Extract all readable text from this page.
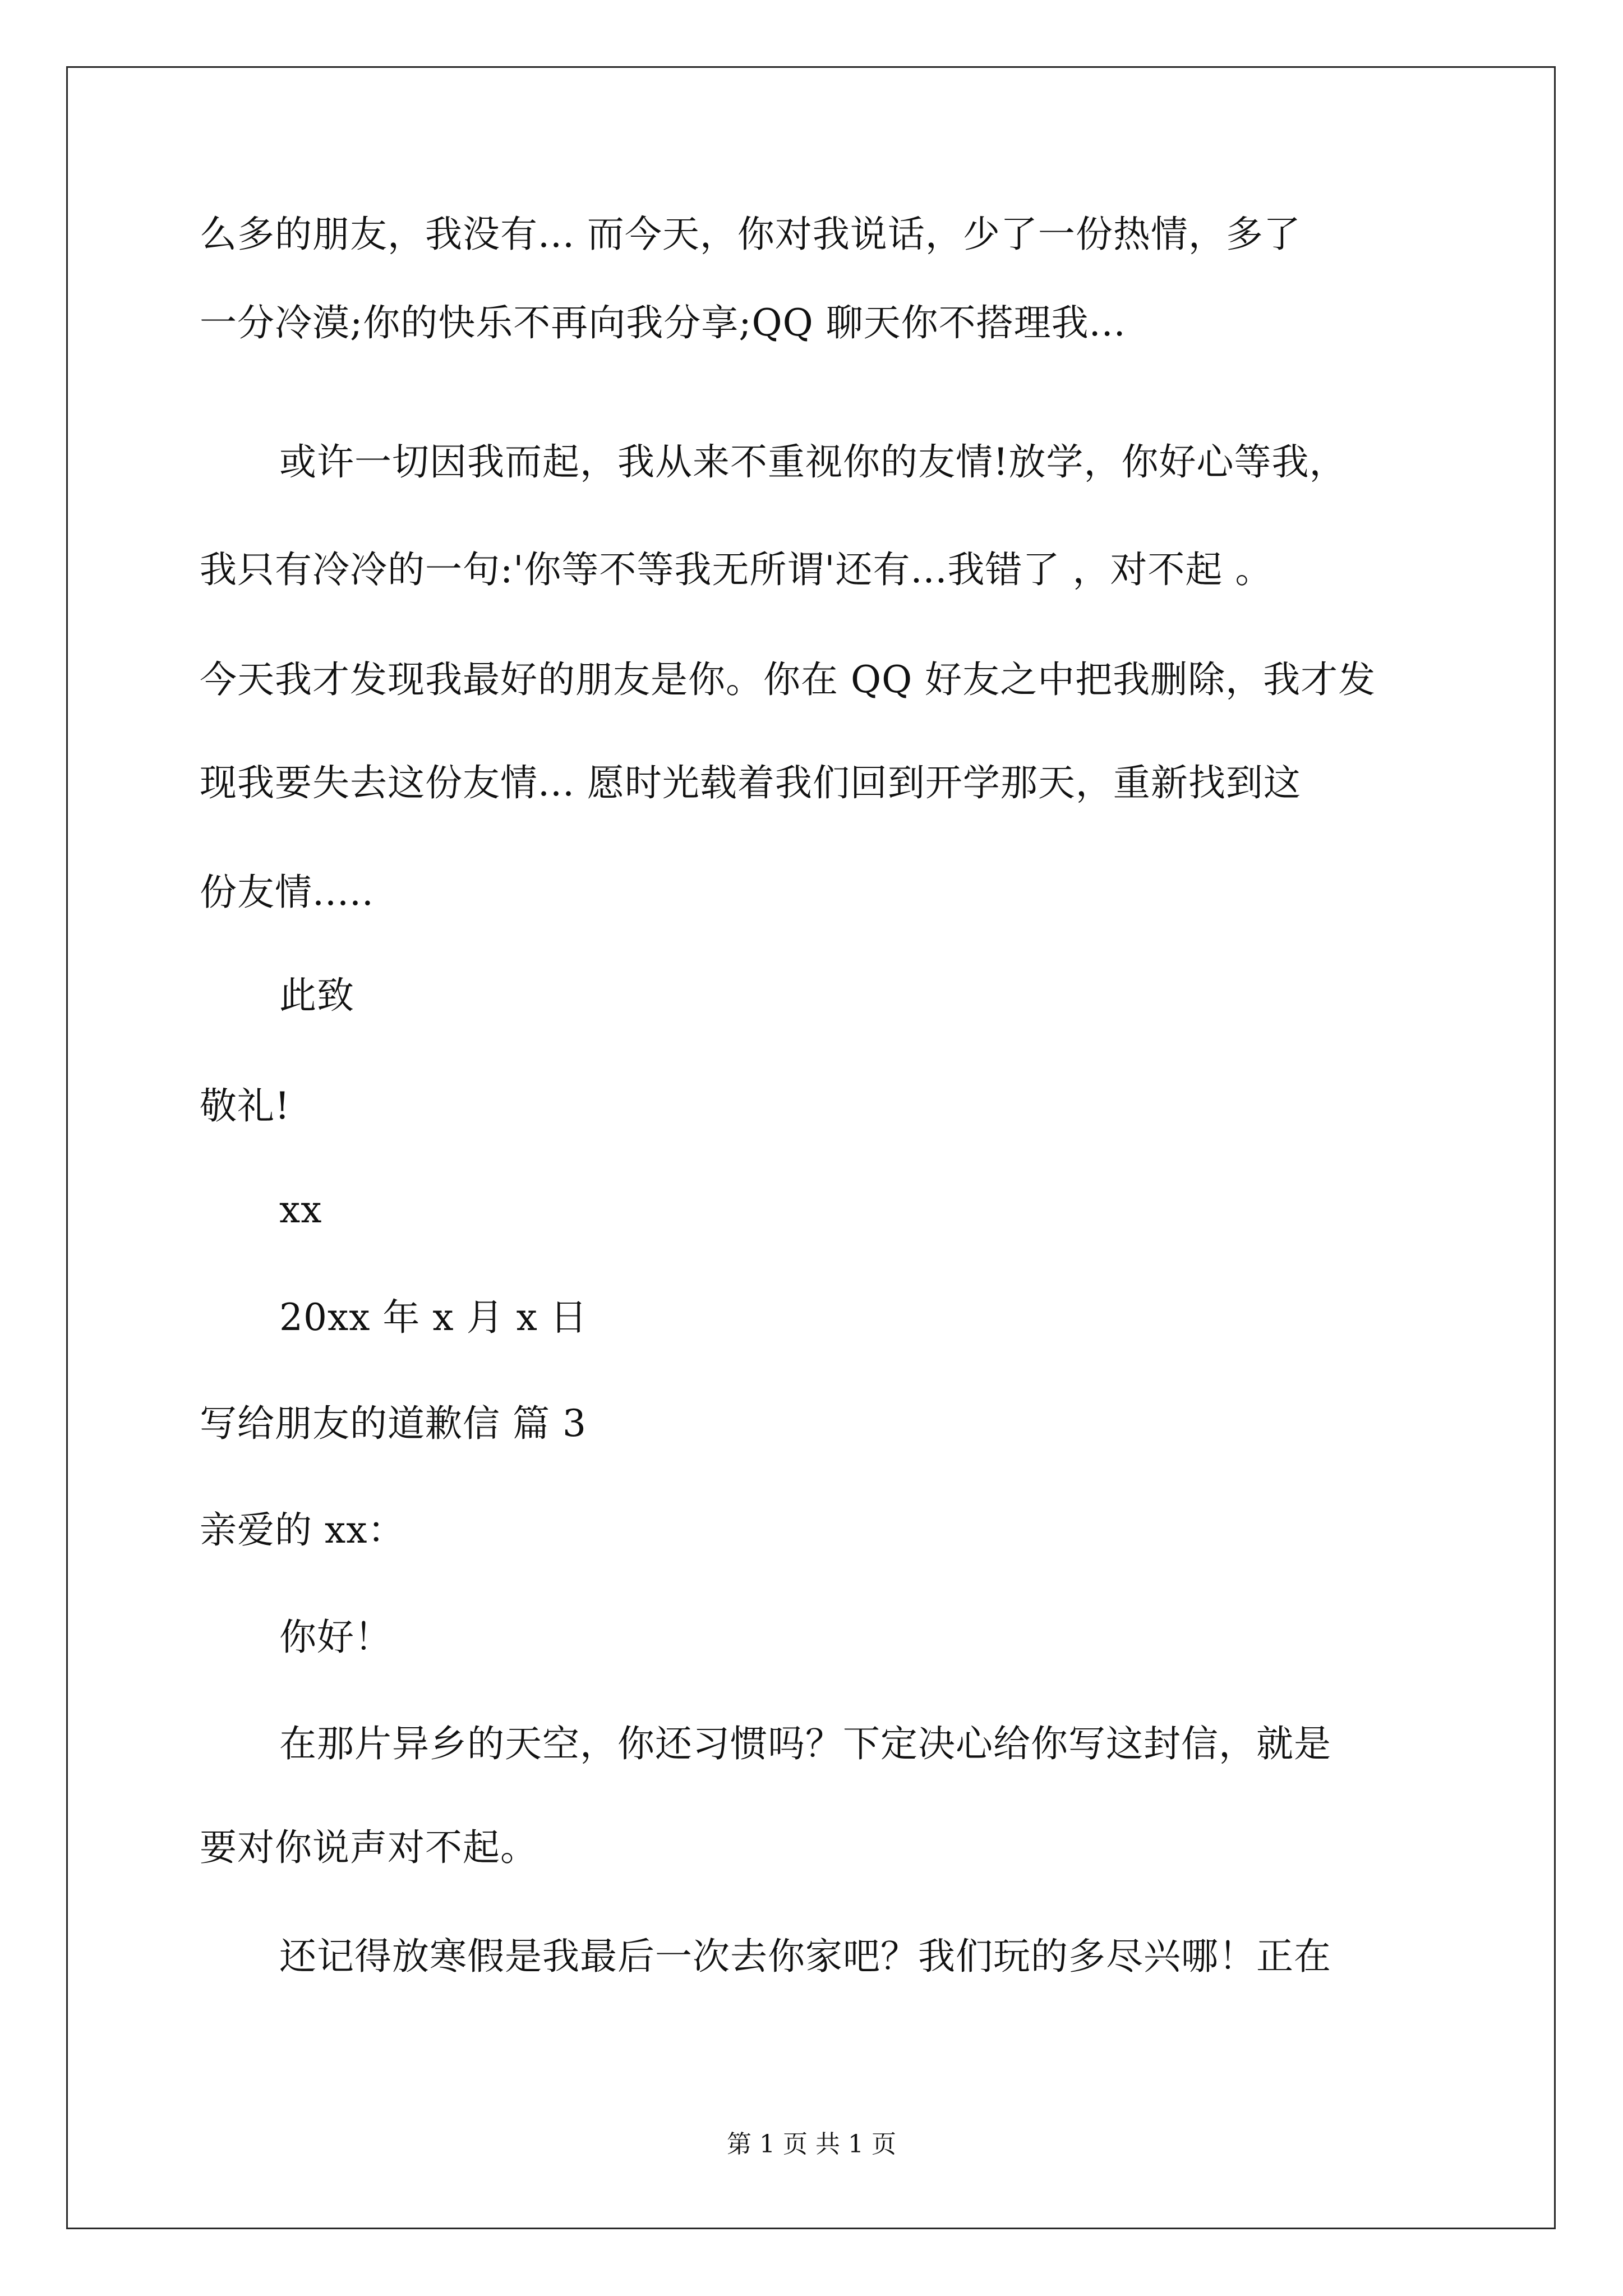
么多的朋友，我没有... 而今天，你对我说话，少了一份热情，多了
一分冷漠;你的快乐不再向我分享;QQ 聊天你不搭理我...
或许一切因我而起，我从来不重视你的友情!放学，你好心等我，
我只有冷冷的一句:'你等不等我无所谓'还有...我错了 ，对不起 。
今天我才发现我最好的朋友是你。你在 QQ 好友之中把我删除，我才发
现我要失去这份友情... 愿时光载着我们回到开学那天，重新找到这
份友情.....
此致
敬礼!
xx
20xx 年 x 月 x 日
写给朋友的道歉信 篇 3
亲爱的 xx：
你好！
在那片异乡的天空，你还习惯吗？下定决心给你写这封信，就是
要对你说声对不起。
还记得放寒假是我最后一次去你家吧？我们玩的多尽兴哪！正在
第 1 页 共 1 页
